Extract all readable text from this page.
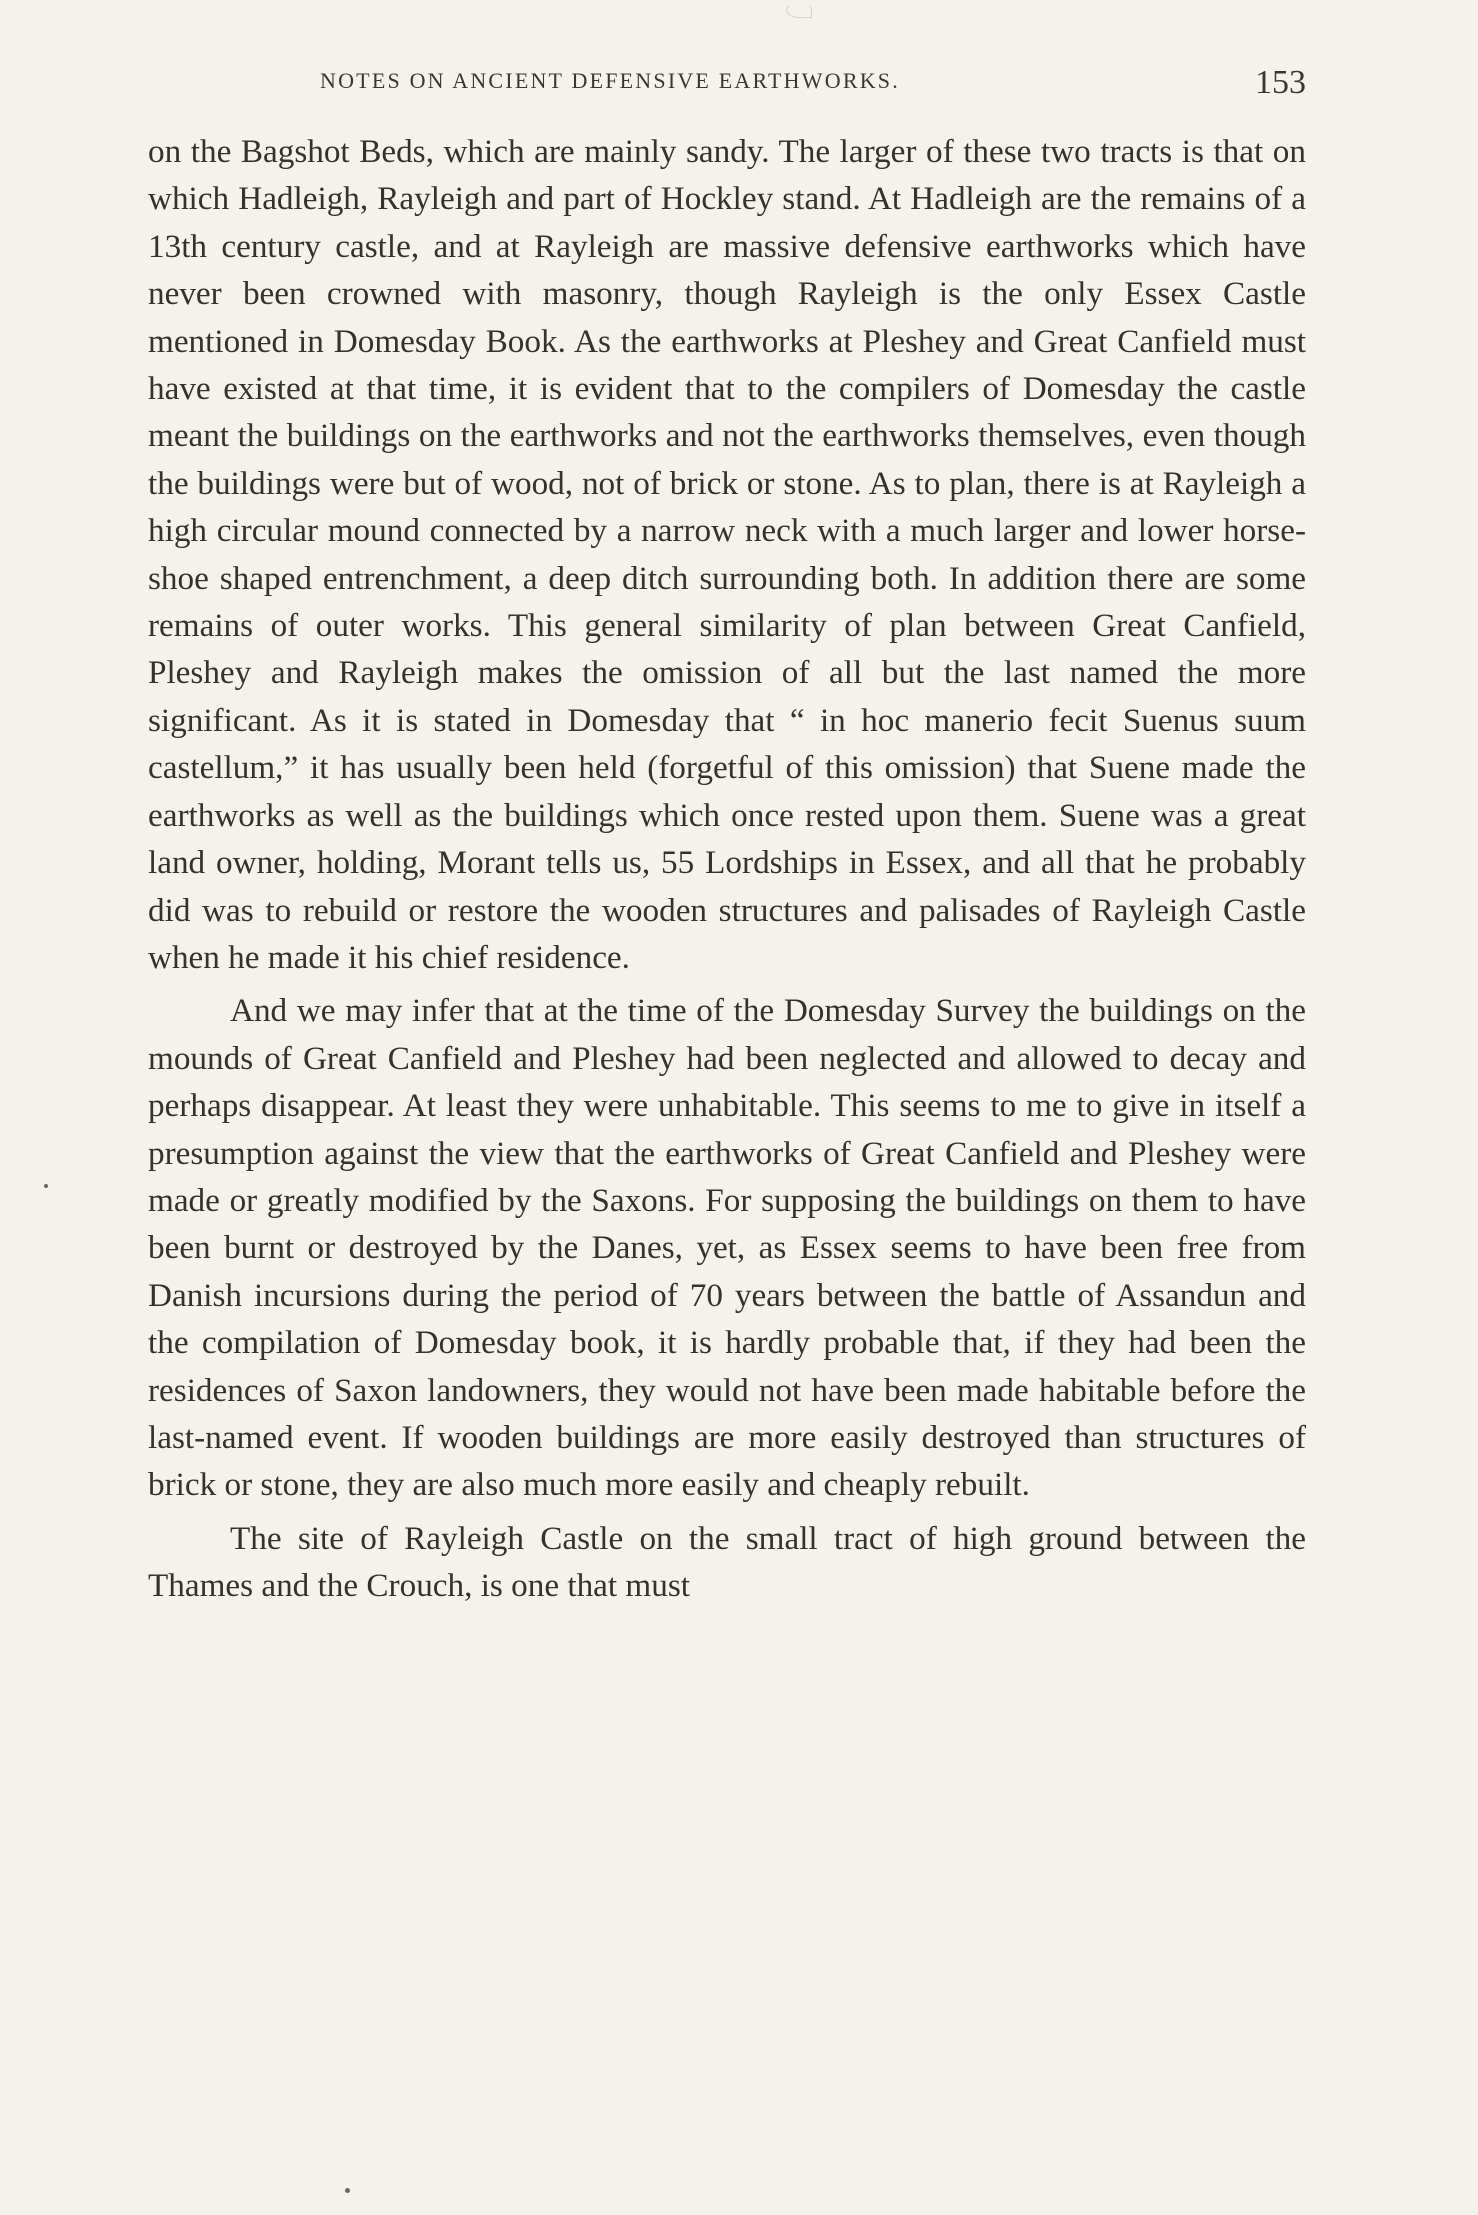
NOTES ON ANCIENT DEFENSIVE EARTHWORKS.	153

on the Bagshot Beds, which are mainly sandy. The larger of these two tracts is that on which Hadleigh, Rayleigh and part of Hockley stand. At Hadleigh are the remains of a 13th century castle, and at Rayleigh are massive defensive earthworks which have never been crowned with masonry, though Rayleigh is the only Essex Castle mentioned in Domesday Book. As the earthworks at Pleshey and Great Canfield must have existed at that time, it is evident that to the compilers of Domesday the castle meant the buildings on the earthworks and not the earthworks themselves, even though the buildings were but of wood, not of brick or stone. As to plan, there is at Rayleigh a high circular mound connected by a narrow neck with a much larger and lower horse-shoe shaped entrenchment, a deep ditch surrounding both. In addition there are some remains of outer works. This general similarity of plan between Great Canfield, Pleshey and Rayleigh makes the omission of all but the last named the more significant. As it is stated in Domesday that “ in hoc manerio fecit Suenus suum castellum,” it has usually been held (forgetful of this omission) that Suene made the earthworks as well as the buildings which once rested upon them. Suene was a great land owner, holding, Morant tells us, 55 Lordships in Essex, and all that he probably did was to rebuild or restore the wooden structures and palisades of Rayleigh Castle when he made it his chief residence.

And we may infer that at the time of the Domesday Survey the buildings on the mounds of Great Canfield and Pleshey had been neglected and allowed to decay and perhaps disappear. At least they were unhabitable. This seems to me to give in itself a presumption against the view that the earthworks of Great Canfield and Pleshey were made or greatly modified by the Saxons. For supposing the buildings on them to have been burnt or destroyed by the Danes, yet, as Essex seems to have been free from Danish incursions during the period of 70 years between the battle of Assandun and the compilation of Domesday book, it is hardly probable that, if they had been the residences of Saxon landowners, they would not have been made habitable before the last-named event. If wooden buildings are more easily destroyed than structures of brick or stone, they are also much more easily and cheaply rebuilt.

The site of Rayleigh Castle on the small tract of high ground between the Thames and the Crouch, is one that must
